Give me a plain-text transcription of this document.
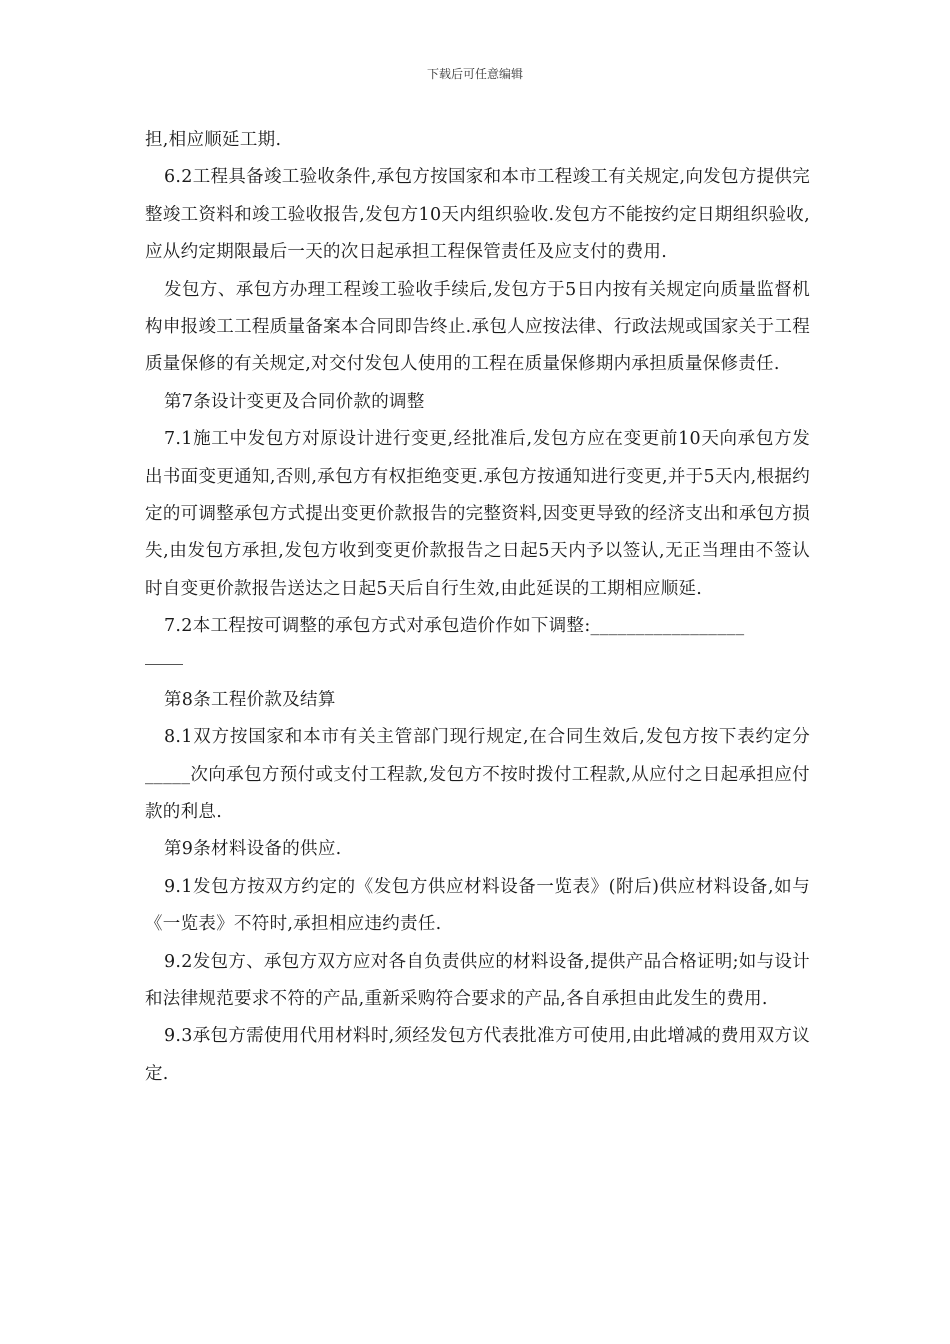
下载后可任意编辑

担,相应顺延工期.

6.2工程具备竣工验收条件,承包方按国家和本市工程竣工有关规定,向发包方提供完整竣工资料和竣工验收报告,发包方10天内组织验收.发包方不能按约定日期组织验收,应从约定期限最后一天的次日起承担工程保管责任及应支付的费用.

发包方、承包方办理工程竣工验收手续后,发包方于5日内按有关规定向质量监督机构申报竣工工程质量备案本合同即告终止.承包人应按法律、行政法规或国家关于工程质量保修的有关规定,对交付发包人使用的工程在质量保修期内承担质量保修责任.

第7条设计变更及合同价款的调整

7.1施工中发包方对原设计进行变更,经批准后,发包方应在变更前10天向承包方发出书面变更通知,否则,承包方有权拒绝变更.承包方按通知进行变更,并于5天内,根据约定的可调整承包方式提出变更价款报告的完整资料,因变更导致的经济支出和承包方损失,由发包方承担,发包方收到变更价款报告之日起5天内予以签认,无正当理由不签认时自变更价款报告送达之日起5天后自行生效,由此延误的工期相应顺延.

7.2本工程按可调整的承包方式对承包造价作如下调整:_________________

第8条工程价款及结算

8.1双方按国家和本市有关主管部门现行规定,在合同生效后,发包方按下表约定分_____次向承包方预付或支付工程款,发包方不按时拨付工程款,从应付之日起承担应付款的利息.

第9条材料设备的供应.

9.1发包方按双方约定的《发包方供应材料设备一览表》(附后)供应材料设备,如与《一览表》不符时,承担相应违约责任.

9.2发包方、承包方双方应对各自负责供应的材料设备,提供产品合格证明;如与设计和法律规范要求不符的产品,重新采购符合要求的产品,各自承担由此发生的费用.

9.3承包方需使用代用材料时,须经发包方代表批准方可使用,由此增减的费用双方议定.
